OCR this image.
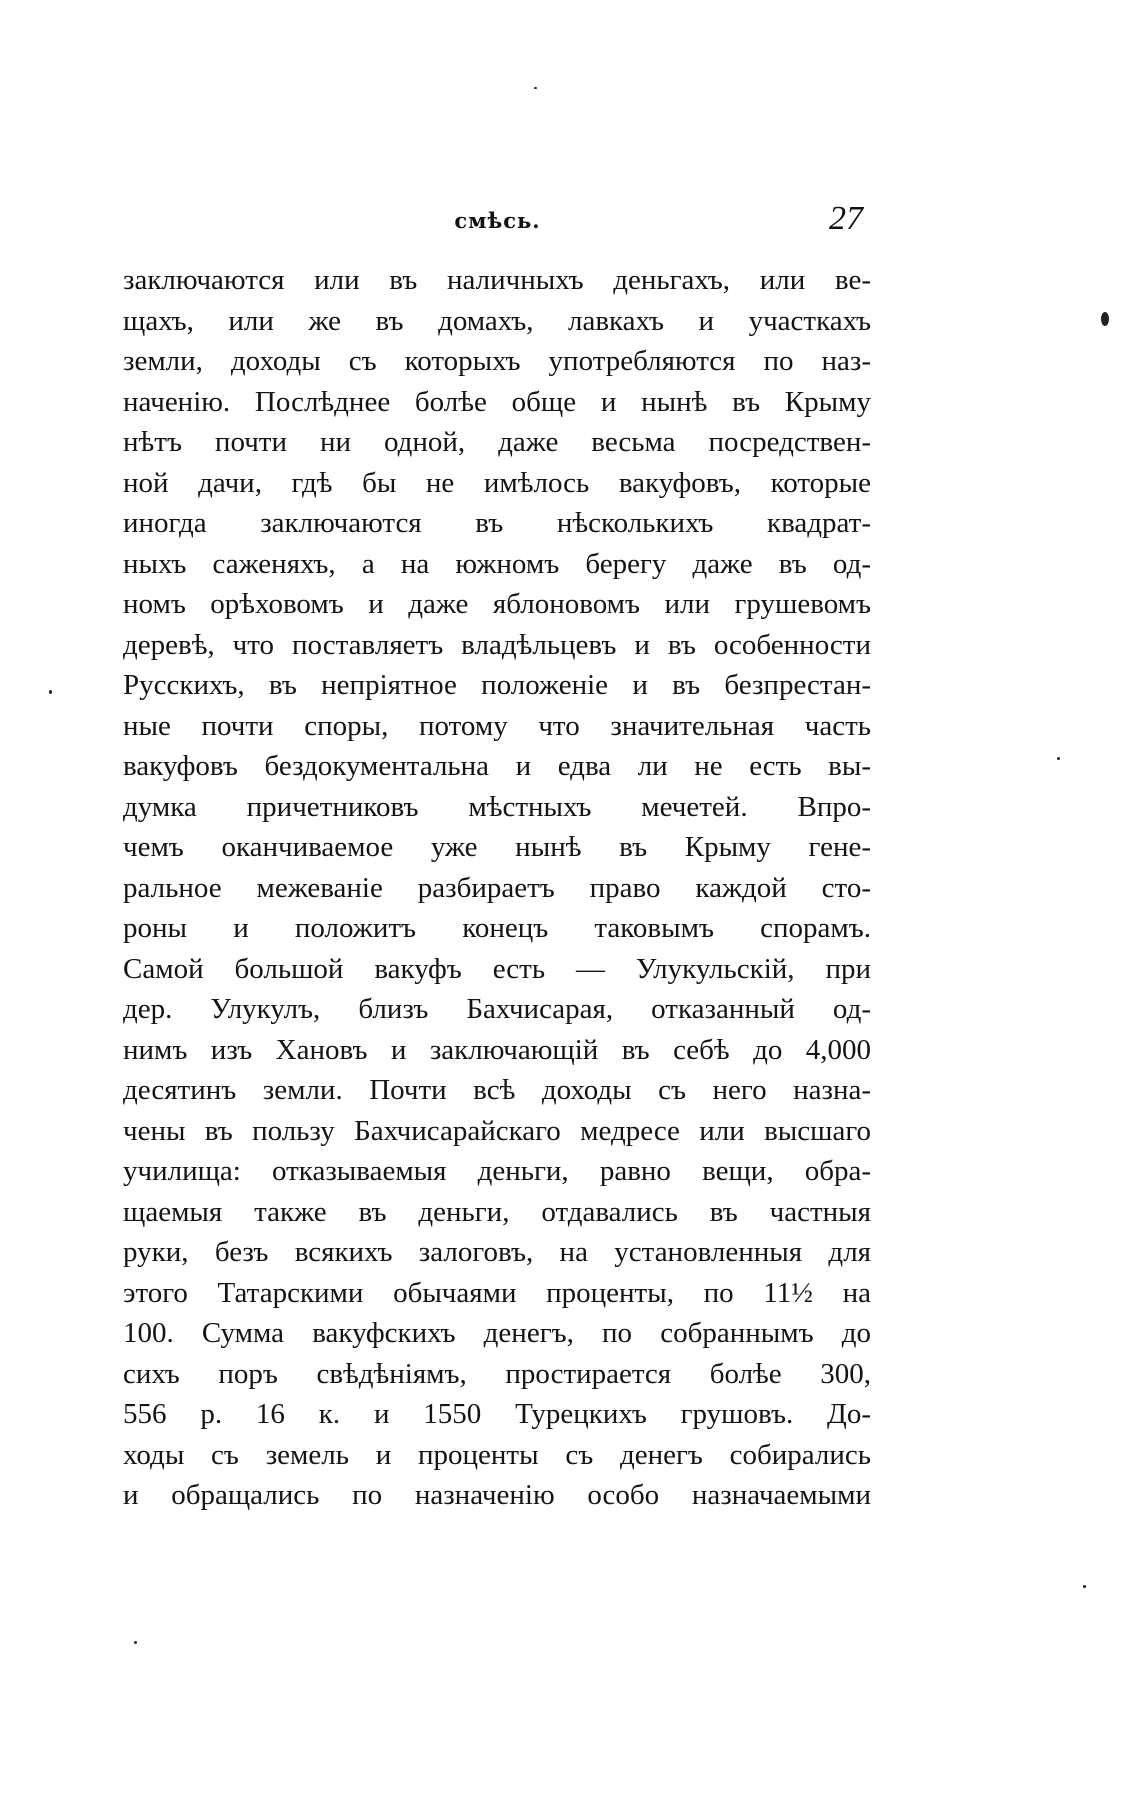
смѣсь.	27
заключаются или въ наличныхъ деньгахъ, или ве-
щахъ, или же въ домахъ, лавкахъ и участкахъ
земли, доходы съ которыхъ употребляются по наз-
наченію. Послѣднее болѣе обще и нынѣ въ Крыму
нѣтъ почти ни одной, даже весьма посредствен-
ной дачи, гдѣ бы не имѣлось вакуфовъ, которые
иногда заключаются въ нѣсколькихъ квадрат-
ныхъ саженяхъ, а на южномъ берегу даже въ од-
номъ орѣховомъ и даже яблоновомъ или грушевомъ
деревѣ, что поставляетъ владѣльцевъ и въ особенности
Русскихъ, въ непріятное положеніе и въ безпрестан-
ные почти споры, потому что значительная часть
вакуфовъ бездокументальна и едва ли не есть вы-
думка причетниковъ мѣстныхъ мечетей. Впро-
чемъ оканчиваемое уже нынѣ въ Крыму гене-
ральное межеваніе разбираетъ право каждой сто-
роны и положитъ конецъ таковымъ спорамъ.
Самой большой вакуфъ есть — Улукульскій, при
дер. Улукулъ, близъ Бахчисарая, отказанный од-
нимъ изъ Хановъ и заключающій въ себѣ до 4,000
десятинъ земли. Почти всѣ доходы съ него назна-
чены въ пользу Бахчисарайскаго медресе или высшаго
училища: отказываемыя деньги, равно вещи, обра-
щаемыя также въ деньги, отдавались въ частныя
руки, безъ всякихъ залоговъ, на установленныя для
этого Татарскими обычаями проценты, по 11½ на
100. Сумма вакуфскихъ денегъ, по собраннымъ до
сихъ поръ свѣдѣніямъ, простирается болѣе 300,
556 р. 16 к. и 1550 Турецкихъ грушовъ. До-
ходы съ земель и проценты съ денегъ собирались
и обращались по назначенію особо назначаемыми
